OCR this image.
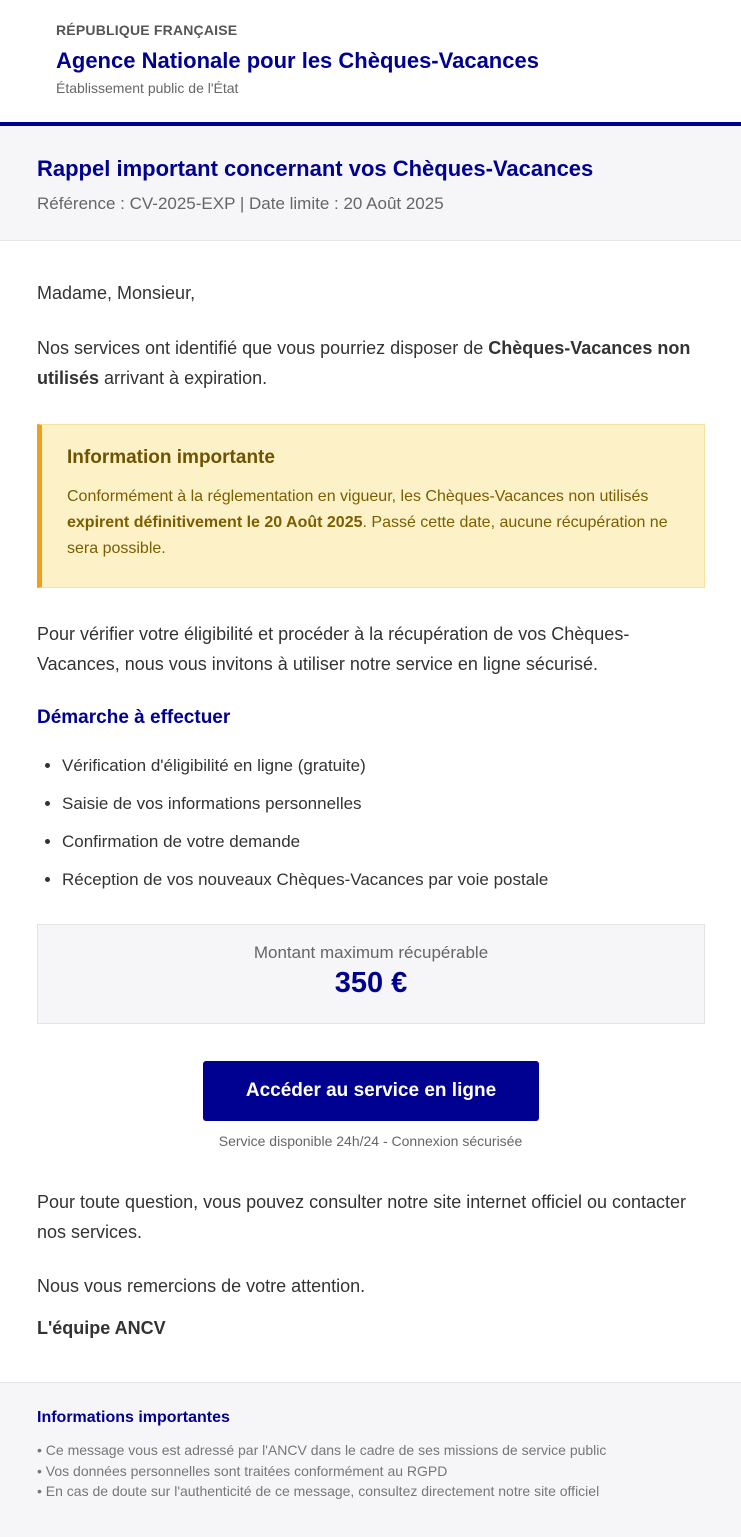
RÉPUBLIQUE FRANÇAISE
Agence Nationale pour les Chèques-Vacances
Établissement public de l'État
Rappel important concernant vos Chèques-Vacances
Référence : CV-2025-EXP | Date limite : 20 Août 2025
Madame, Monsieur,
Nos services ont identifié que vous pourriez disposer de Chèques-Vacances non utilisés arrivant à expiration.
Information importante
Conformément à la réglementation en vigueur, les Chèques-Vacances non utilisés expirent définitivement le 20 Août 2025. Passé cette date, aucune récupération ne sera possible.
Pour vérifier votre éligibilité et procéder à la récupération de vos Chèques-Vacances, nous vous invitons à utiliser notre service en ligne sécurisé.
Démarche à effectuer
• Vérification d'éligibilité en ligne (gratuite)
• Saisie de vos informations personnelles
• Confirmation de votre demande
• Réception de vos nouveaux Chèques-Vacances par voie postale
Montant maximum récupérable
350 €
Accéder au service en ligne
Service disponible 24h/24 - Connexion sécurisée
Pour toute question, vous pouvez consulter notre site internet officiel ou contacter nos services.
Nous vous remercions de votre attention.
L'équipe ANCV
Informations importantes
• Ce message vous est adressé par l'ANCV dans le cadre de ses missions de service public
• Vos données personnelles sont traitées conformément au RGPD
• En cas de doute sur l'authenticité de ce message, consultez directement notre site officiel
